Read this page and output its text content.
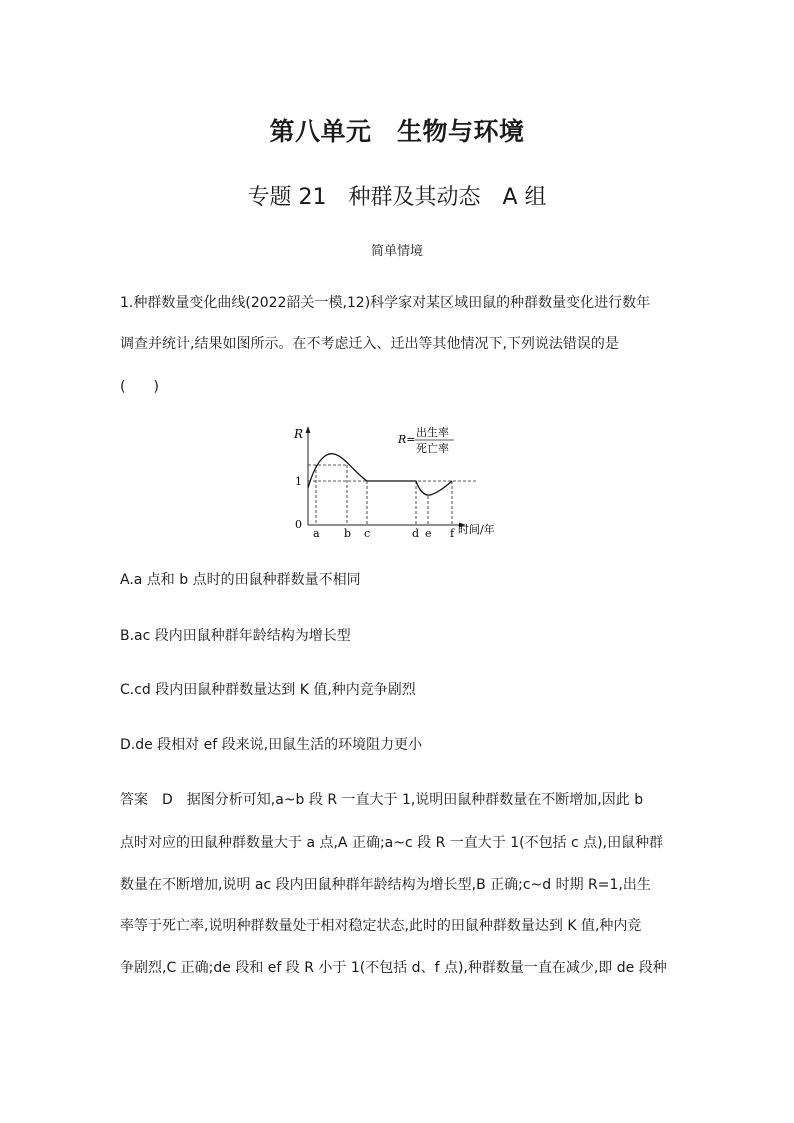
第八单元　生物与环境
专题 21　种群及其动态　A 组
简单情境
1.种群数量变化曲线(2022韶关一模,12)科学家对某区域田鼠的种群数量变化进行数年
调查并统计,结果如图所示。在不考虑迁入、迁出等其他情况下,下列说法错误的是
(　　)
R
1
0
a b c	d e f 时间/年
R=
出生率
死亡率
A.a 点和 b 点时的田鼠种群数量不相同
B.ac 段内田鼠种群年龄结构为增长型
C.cd 段内田鼠种群数量达到 K 值,种内竞争剧烈
D.de 段相对 ef 段来说,田鼠生活的环境阻力更小
答案　D　据图分析可知,a~b 段 R 一直大于 1,说明田鼠种群数量在不断增加,因此 b
点时对应的田鼠种群数量大于 a 点,A 正确;a~c 段 R 一直大于 1(不包括 c 点),田鼠种群
数量在不断增加,说明 ac 段内田鼠种群年龄结构为增长型,B 正确;c~d 时期 R=1,出生
率等于死亡率,说明种群数量处于相对稳定状态,此时的田鼠种群数量达到 K 值,种内竞
争剧烈,C 正确;de 段和 ef 段 R 小于 1(不包括 d、f 点),种群数量一直在减少,即 de 段种
